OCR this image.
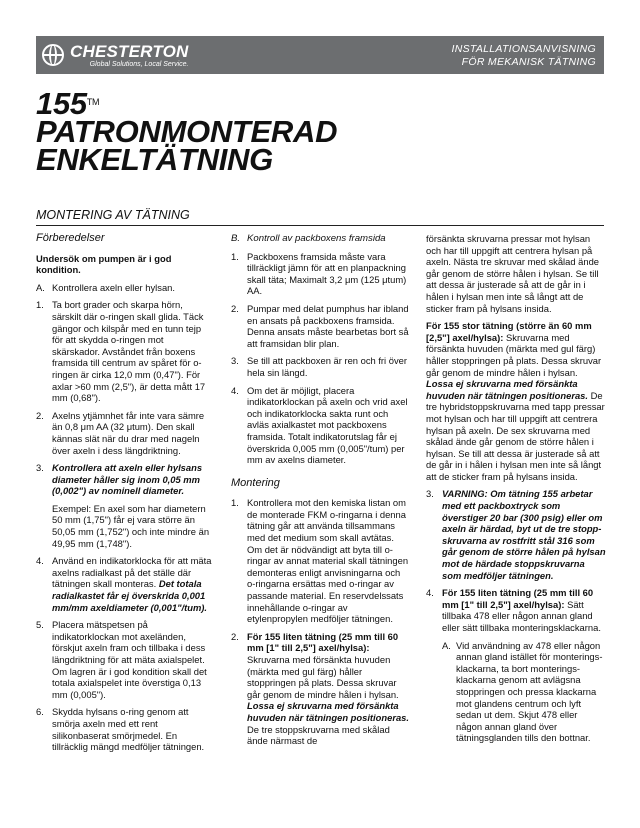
CHESTERTON
Global Solutions, Local Service.
INSTALLATIONSANVISNING
FÖR MEKANISK TÄTNING
155™
PATRONMONTERAD
ENKELTÄTNING
MONTERING AV TÄTNING
Förberedelser

Undersök om pumpen är i god kondition.

A. Kontrollera axeln eller hylsan.
1. Ta bort grader och skarpa hörn, särskilt där o-ringen skall glida. Täck gängor och kilspår med en tunn tejp för att skydda o-ringen mot skärskador. Avståndet från boxens framsida till centrum av spåret för o-ringen är cirka 12,0 mm (0,47"). För axlar >60 mm (2,5"), är detta mått 17 mm (0,68").
2. Axelns ytjämnhet får inte vara sämre än 0,8 μm AA (32 μtum). Den skall kännas slät när du drar med nageln över axeln i dess längdriktning.
3. Kontrollera att axeln eller hylsans diameter håller sig inom 0,05 mm (0,002") av nominell diameter.
Exempel: En axel som har diametern 50 mm (1,75") får ej vara större än 50,05 mm (1,752") och inte mindre än 49,95 mm (1,748").
4. Använd en indikatorklocka för att mäta axelns radialkast på det ställe där tätningen skall monteras. Det totala radialkastet får ej överskrida 0,001 mm/mm axeldiameter (0,001"/tum).
5. Placera mätspetsen på indikatorklockan mot axeländen, förskjut axeln fram och tillbaka i dess längdriktning för att mäta axialspelet. Om lagren är i god kondition skall det totala axialspelet inte överstiga 0,13 mm (0,005").
6. Skydda hylsans o-ring genom att smörja axeln med ett rent silikonbaserat smörjmedel. En tillräcklig mängd medföljer tätningen.
B. Kontroll av packboxens framsida
1. Packboxens framsida måste vara tillräckligt jämn för att en planpackning skall täta; Maximalt 3,2 μm (125 μtum) AA.
2. Pumpar med delat pumphus har ibland en ansats på packboxens framsida. Denna ansats måste bearbetas bort så att framsidan blir plan.
3. Se till att packboxen är ren och fri över hela sin längd.
4. Om det är möjligt, placera indikatorklockan på axeln och vrid axel och indikatorklocka sakta runt och avläs axialkastet mot packboxens framsida. Totalt indikatorutslag får ej överskrida 0,005 mm (0,005"/tum) per mm av axelns diameter.
Montering
1. Kontrollera mot den kemiska listan om de monterade FKM o-ringarna i denna tätning går att använda tillsammans med det medium som skall avtätas. Om det är nödvändigt att byta till o-ringar av annat material skall tätningen demonteras enligt anvisningarna och o-ringarna ersättas med o-ringar av passande material. En reservdelssats innehållande o-ringar av etylenpropylen medföljer tätningen.
2. För 155 liten tätning (25 mm till 60 mm [1" till 2,5"] axel/hylsa): Skruvarna med försänkta huvuden (märkta med gul färg) håller stoppringen på plats. Dessa skruvar går genom de mindre hålen i hylsan. Lossa ej skruvarna med försänkta huvuden när tätningen positioneras. De tre stoppskruvarna med skålad ände närmast de

försänkta skruvarna pressar mot hylsan och har till uppgift att centrera hylsan på axeln. Nästa tre skruvar med skålad ände går genom de större hålen i hylsan. Se till att dessa är justerade så att de går in i hålen i hylsan men inte så långt att de sticker fram på hylsans insida.

För 155 stor tätning (större än 60 mm [2,5"] axel/hylsa): Skruvarna med försänkta huvuden (märkta med gul färg) håller stoppringen på plats. Dessa skruvar går genom de mindre hålen i hylsan. Lossa ej skruvarna med försänkta huvuden när tätningen positioneras. De tre hybridstoppskruvarna med tapp pressar mot hylsan och har till uppgift att centrera hylsan på axeln. De sex skruvarna med skålad ände går genom de större hålen i hylsan. Se till att dessa är justerade så att de går in i hålen i hylsan men inte så långt att de sticker fram på hylsans insida.

3. VARNING: Om tätning 155 arbetar med ett packboxtryck som överstiger 20 bar (300 psig) eller om axeln är härdad, byt ut de tre stopp-skruvarna av rostfritt stål 316 som går genom de större hålen på hylsan mot de härdade stoppskruvarna som medföljer tätningen.
4. För 155 liten tätning (25 mm till 60 mm [1" till 2,5"] axel/hylsa): Sätt tillbaka 478 eller någon annan gland eller sätt tillbaka monteringsklackarna.
A. Vid användning av 478 eller någon annan gland istället för monterings-klackarna, ta bort monterings-klackarna genom att avlägsna stoppringen och pressa klackarna mot glandens centrum och lyft sedan ut dem. Skjut 478 eller någon annan gland över tätningsglanden tills den bottnar.
